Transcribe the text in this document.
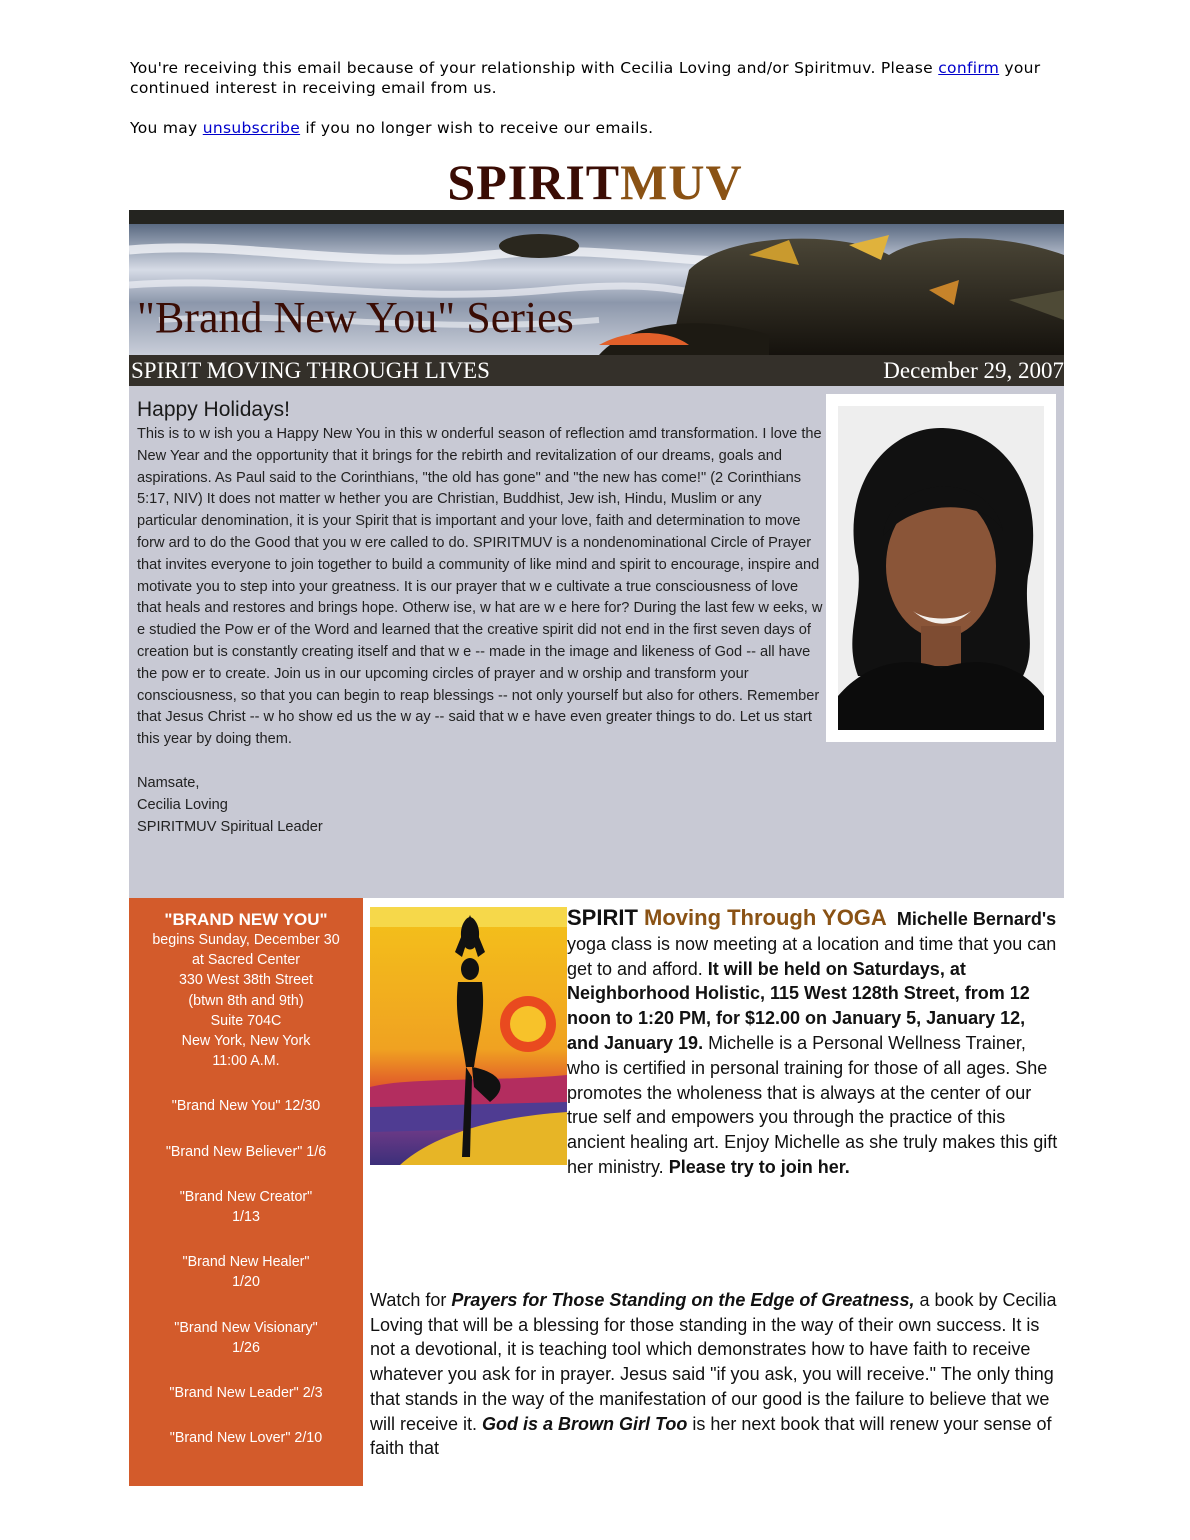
You're receiving this email because of your relationship with Cecilia Loving and/or Spiritmuv. Please confirm your continued interest in receiving email from us.

You may unsubscribe if you no longer wish to receive our emails.

SPIRITMUV
"Brand New You" Series
SPIRIT MOVING THROUGH LIVES	December 29, 2007
Happy Holidays!

This is to w ish you a Happy New You in this w onderful season of reflection amd transformation. I love the New Year and the opportunity that it brings for the rebirth and revitalization of our dreams, goals and aspirations. As Paul said to the Corinthians, "the old has gone" and "the new has come!" (2 Corinthians 5:17, NIV) It does not matter w hether you are Christian, Buddhist, Jew ish, Hindu, Muslim or any particular denomination, it is your Spirit that is important and your love, faith and determination to move forw ard to do the Good that you w ere called to do. SPIRITMUV is a nondenominational Circle of Prayer that invites everyone to join together to build a community of like mind and spirit to encourage, inspire and motivate you to step into your greatness. It is our prayer that w e cultivate a true consciousness of love that heals and restores and brings hope. Otherw ise, w hat are w e here for? During the last few w eeks, w e studied the Pow er of the Word and learned that the creative spirit did not end in the first seven days of creation but is constantly creating itself and that w e -- made in the image and likeness of God -- all have the pow er to create. Join us in our upcoming circles of prayer and w orship and transform your consciousness, so that you can begin to reap blessings -- not only yourself but also for others. Remember that Jesus Christ -- w ho show ed us the w ay -- said that w e have even greater things to do. Let us start this year by doing them.

Namsate,

Cecilia Loving

SPIRITMUV Spiritual Leader

"BRAND NEW YOU"
begins Sunday, December 30
at Sacred Center
330 West 38th Street
(btwn 8th and 9th)
Suite 704C
New York, New York
11:00 A.M.
"Brand New You" 12/30
"Brand New Believer" 1/6
"Brand New Creator"
1/13
"Brand New Healer"
1/20
"Brand New Visionary"
1/26
"Brand New Leader" 2/3
"Brand New Lover" 2/10

SPIRIT Moving Through YOGA Michelle Bernard's yoga class is now meeting at a location and time that you can get to and afford. It will be held on Saturdays, at Neighborhood Holistic, 115 West 128th Street, from 12 noon to 1:20 PM, for $12.00 on January 5, January 12, and January 19. Michelle is a Personal Wellness Trainer, who is certified in personal training for those of all ages. She promotes the wholeness that is always at the center of our true self and empowers you through the practice of this ancient healing art. Enjoy Michelle as she truly makes this gift her ministry. Please try to join her.

Watch for Prayers for Those Standing on the Edge of Greatness, a book by Cecilia Loving that will be a blessing for those standing in the way of their own success. It is not a devotional, it is teaching tool which demonstrates how to have faith to receive whatever you ask for in prayer. Jesus said "if you ask, you will receive." The only thing that stands in the way of the manifestation of our good is the failure to believe that we will receive it. God is a Brown Girl Too is her next book that will renew your sense of faith that
